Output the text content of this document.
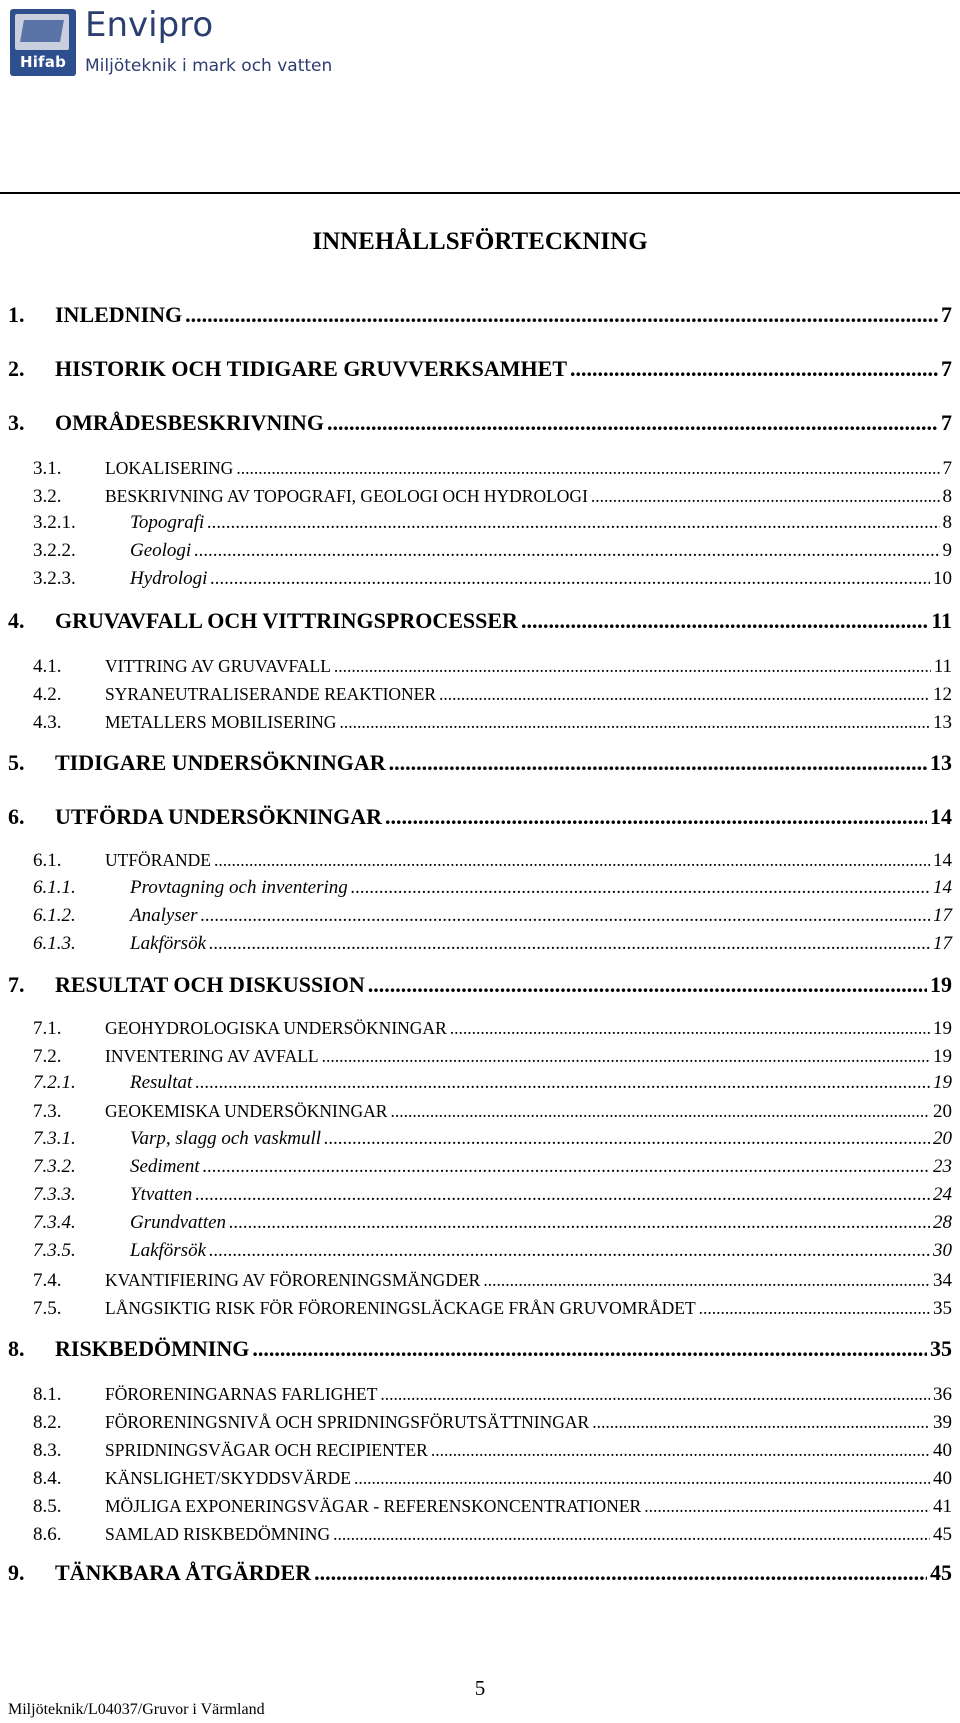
Hifab
Envipro
Miljöteknik i mark och vatten
INNEHÅLLSFÖRTECKNING
1.	INLEDNING .....	7
2.	HISTORIK OCH TIDIGARE GRUVVERKSAMHET .....	7
3.	OMRÅDESBESKRIVNING .....	7
3.1.	LOKALISERING .....	7
3.2.	BESKRIVNING AV TOPOGRAFI, GEOLOGI OCH HYDROLOGI .....	8
3.2.1.	Topografi .....	8
3.2.2.	Geologi .....	9
3.2.3.	Hydrologi .....	10
4.	GRUVAVFALL OCH VITTRINGSPROCESSER .....	11
4.1.	VITTRING AV GRUVAVFALL .....	11
4.2.	SYRANEUTRALISERANDE REAKTIONER .....	12
4.3.	METALLERS MOBILISERING .....	13
5.	TIDIGARE UNDERSÖKNINGAR .....	13
6.	UTFÖRDA UNDERSÖKNINGAR .....	14
6.1.	UTFÖRANDE .....	14
6.1.1.	Provtagning och inventering .....	14
6.1.2.	Analyser .....	17
6.1.3.	Lakförsök .....	17
7.	RESULTAT OCH DISKUSSION .....	19
7.1.	GEOHYDROLOGISKA UNDERSÖKNINGAR .....	19
7.2.	INVENTERING AV AVFALL .....	19
7.2.1.	Resultat .....	19
7.3.	GEOKEMISKA UNDERSÖKNINGAR .....	20
7.3.1.	Varp, slagg och vaskmull .....	20
7.3.2.	Sediment .....	23
7.3.3.	Ytvatten .....	24
7.3.4.	Grundvatten .....	28
7.3.5.	Lakförsök .....	30
7.4.	KVANTIFIERING AV FÖRORENINGSMÄNGDER .....	34
7.5.	LÅNGSIKTIG RISK FÖR FÖRORENINGSLÄCKAGE FRÅN GRUVOMRÅDET .....	35
8.	RISKBEDÖMNING .....	35
8.1.	FÖRORENINGARNAS FARLIGHET .....	36
8.2.	FÖRORENINGSNIVÅ OCH SPRIDNINGSFÖRUTSÄTTNINGAR .....	39
8.3.	SPRIDNINGSVÄGAR OCH RECIPIENTER .....	40
8.4.	KÄNSLIGHET/SKYDDSVÄRDE .....	40
8.5.	MÖJLIGA EXPONERINGSVÄGAR - REFERENSKONCENTRATIONER .....	41
8.6.	SAMLAD RISKBEDÖMNING .....	45
9.	TÄNKBARA ÅTGÄRDER .....	45
5
Miljöteknik/L04037/Gruvor i Värmland
